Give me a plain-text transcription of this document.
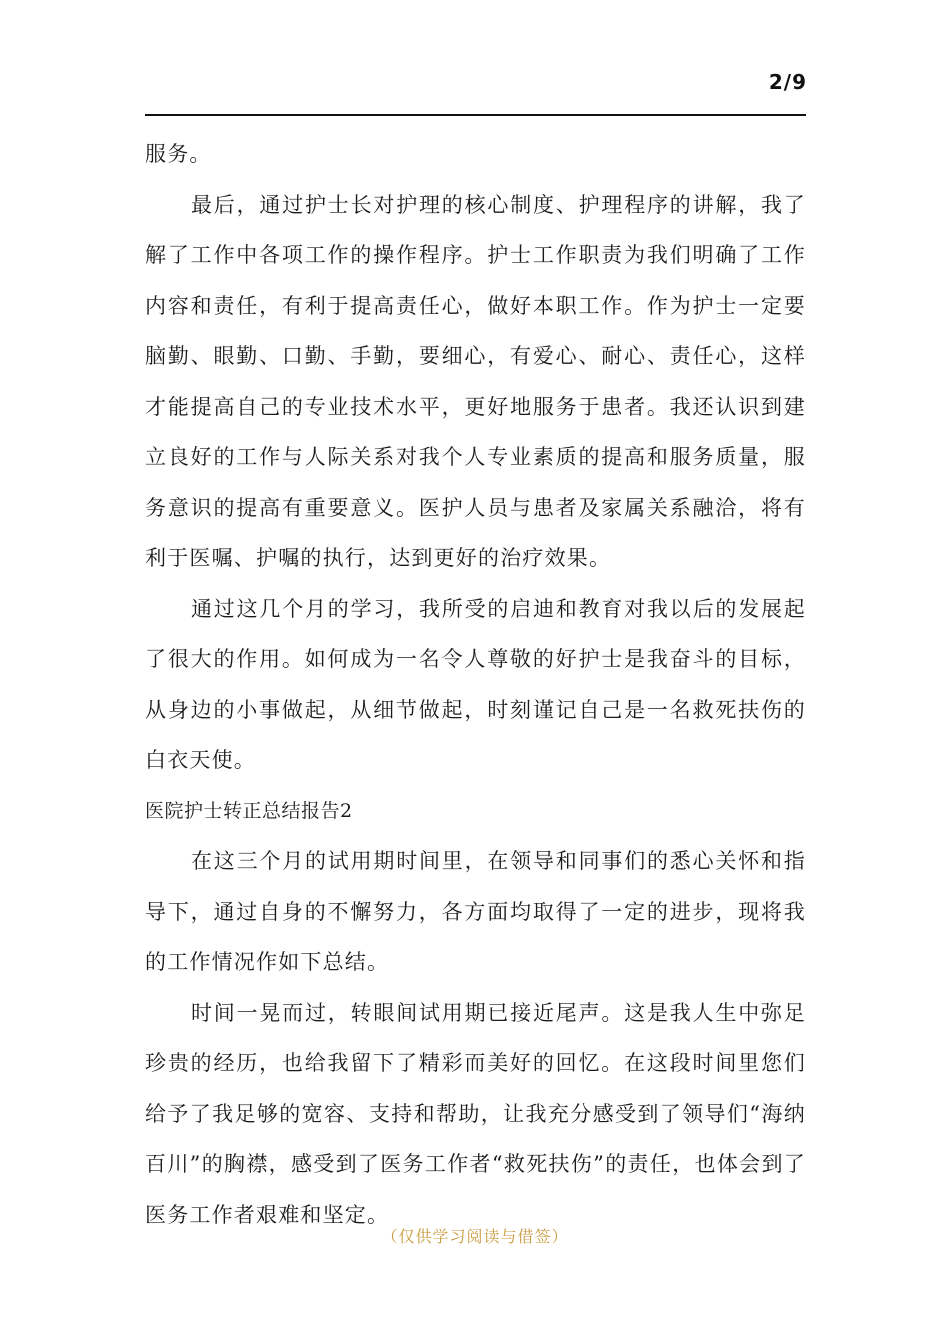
2/9

服务。

最后，通过护士长对护理的核心制度、护理程序的讲解，我了解了工作中各项工作的操作程序。护士工作职责为我们明确了工作内容和责任，有利于提高责任心，做好本职工作。作为护士一定要脑勤、眼勤、口勤、手勤，要细心，有爱心、耐心、责任心，这样才能提高自己的专业技术水平，更好地服务于患者。我还认识到建立良好的工作与人际关系对我个人专业素质的提高和服务质量，服务意识的提高有重要意义。医护人员与患者及家属关系融洽，将有利于医嘱、护嘱的执行，达到更好的治疗效果。

通过这几个月的学习，我所受的启迪和教育对我以后的发展起了很大的作用。如何成为一名令人尊敬的好护士是我奋斗的目标，从身边的小事做起，从细节做起，时刻谨记自己是一名救死扶伤的白衣天使。

医院护士转正总结报告2

在这三个月的试用期时间里，在领导和同事们的悉心关怀和指导下，通过自身的不懈努力，各方面均取得了一定的进步，现将我的工作情况作如下总结。

时间一晃而过，转眼间试用期已接近尾声。这是我人生中弥足珍贵的经历，也给我留下了精彩而美好的回忆。在这段时间里您们给予了我足够的宽容、支持和帮助，让我充分感受到了领导们“海纳百川”的胸襟，感受到了医务工作者“救死扶伤”的责任，也体会到了医务工作者艰难和坚定。

（仅供学习阅读与借签）
